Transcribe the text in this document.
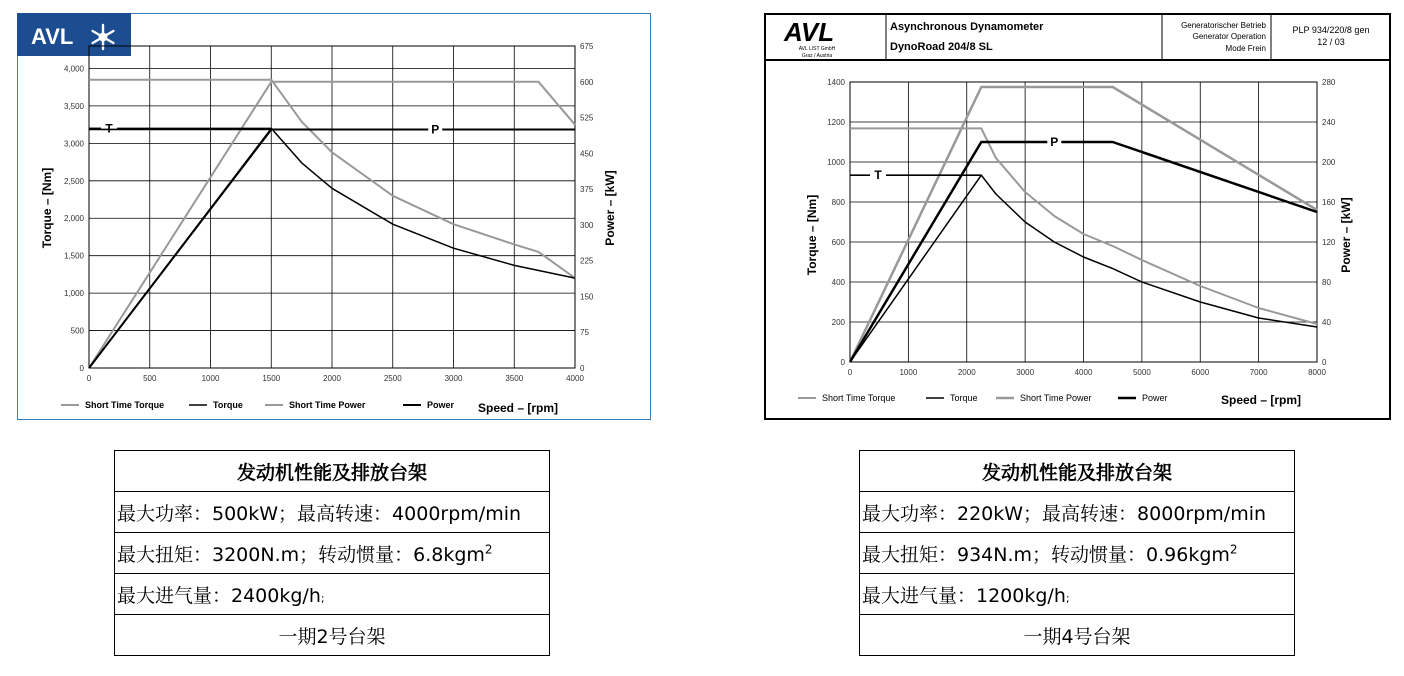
AVL
0	500	1000	1500	2000	2500	3000	3500	4000
0
500
1,000
1,500
2,000
2,500
3,000
3,500
4,000
0
75
150
225
300
375
450
525
600
675
T	P
Torque – [Nm]	Power – [kW]
Speed – [rpm]
Short Time Torque	Torque	Short Time Power	Power
AVL
AVL LIST GmbH
Graz / Austria
Asynchronous Dynamometer
DynoRoad 204/8 SL
Generatorischer Betrieb
Generator Operation
Mode Frein
PLP 934/220/8 gen
12 / 03
0	1000	2000	3000	4000	5000	6000	7000	8000
0
200
400
600
800
1000
1200
1400
0
40
80
120
160
200
240
280
T
P
Torque – [Nm]	Power – [kW]
Speed – [rpm]
Short Time Torque	Torque	Short Time Power	Power
发动机性能及排放台架
最大功率：500kW；最高转速：4000rpm/min
最大扭矩：3200N.m；转动惯量：6.8kgm$^2$
最大进气量：2400kg/h;
一期2号台架
发动机性能及排放台架
最大功率：220kW；最高转速：8000rpm/min
最大扭矩：934N.m；转动惯量：0.96kgm$^2$
最大进气量：1200kg/h;
一期4号台架
